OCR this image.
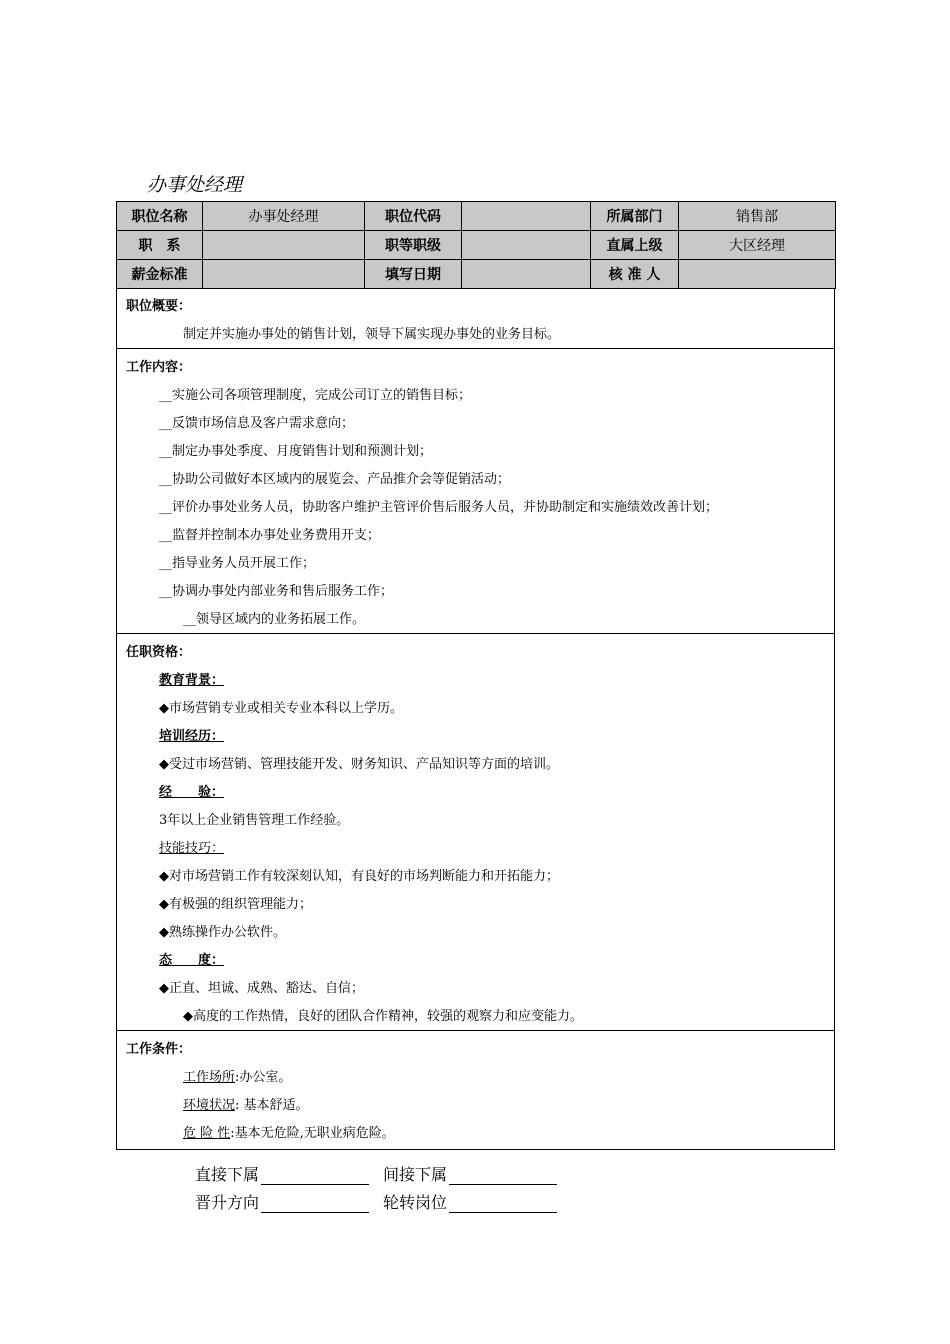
办事处经理
职位名称	办事处经理	职位代码		所属部门	销售部
职　系		职等职级		直属上级	大区经理
薪金标准		填写日期		核 准 人	
职位概要：
制定并实施办事处的销售计划，领导下属实现办事处的业务目标。
工作内容：
__实施公司各项管理制度，完成公司订立的销售目标；
__反馈市场信息及客户需求意向；
__制定办事处季度、月度销售计划和预测计划；
__协助公司做好本区域内的展览会、产品推介会等促销活动；
__评价办事处业务人员，协助客户维护主管评价售后服务人员，并协助制定和实施绩效改善计划；
__监督并控制本办事处业务费用开支；
__指导业务人员开展工作；
__协调办事处内部业务和售后服务工作；
__领导区域内的业务拓展工作。
任职资格：
教育背景：
◆市场营销专业或相关专业本科以上学历。
培训经历：
◆受过市场营销、管理技能开发、财务知识、产品知识等方面的培训。
经　　验：
3年以上企业销售管理工作经验。
技能技巧：
◆对市场营销工作有较深刻认知，有良好的市场判断能力和开拓能力；
◆有极强的组织管理能力；
◆熟练操作办公软件。
态　　度：
◆正直、坦诚、成熟、豁达、自信；
◆高度的工作热情，良好的团队合作精神，较强的观察力和应变能力。
工作条件：
工作场所:办公室。
环境状况: 基本舒适。
危 险 性:基本无危险,无职业病危险。
直接下属	间接下属
晋升方向	轮转岗位
